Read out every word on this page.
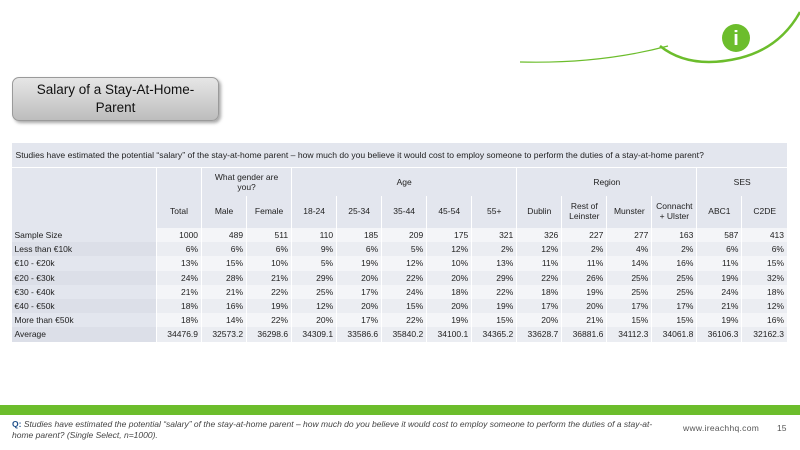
i
Salary of a Stay-At-Home-Parent
Studies have estimated the potential “salary” of the stay-at-home parent – how much do you believe it would cost to employ someone to perform the duties of a stay-at-home parent?														
		What gender are you?		Age					Region				SES	
	Total	Male	Female	18-24	25-34	35-44	45-54	55+	Dublin	Rest of Leinster	Munster	Connacht + Ulster	ABC1	C2DE
Sample Size	1000	489	511	110	185	209	175	321	326	227	277	163	587	413
Less than €10k	6%	6%	6%	9%	6%	5%	12%	2%	12%	2%	4%	2%	6%	6%
€10 - €20k	13%	15%	10%	5%	19%	12%	10%	13%	11%	11%	14%	16%	11%	15%
€20 - €30k	24%	28%	21%	29%	20%	22%	20%	29%	22%	26%	25%	25%	19%	32%
€30 - €40k	21%	21%	22%	25%	17%	24%	18%	22%	18%	19%	25%	25%	24%	18%
€40 - €50k	18%	16%	19%	12%	20%	15%	20%	19%	17%	20%	17%	17%	21%	12%
More than €50k	18%	14%	22%	20%	17%	22%	19%	15%	20%	21%	15%	15%	19%	16%
Average	34476.9	32573.2	36298.6	34309.1	33586.6	35840.2	34100.1	34365.2	33628.7	36881.6	34112.3	34061.8	36106.3	32162.3
Q: Studies have estimated the potential “salary” of the stay-at-home parent – how much do you believe it would cost to employ someone to perform the duties of a stay-at-home parent? (Single Select, n=1000).
www.ireachhq.com 15
